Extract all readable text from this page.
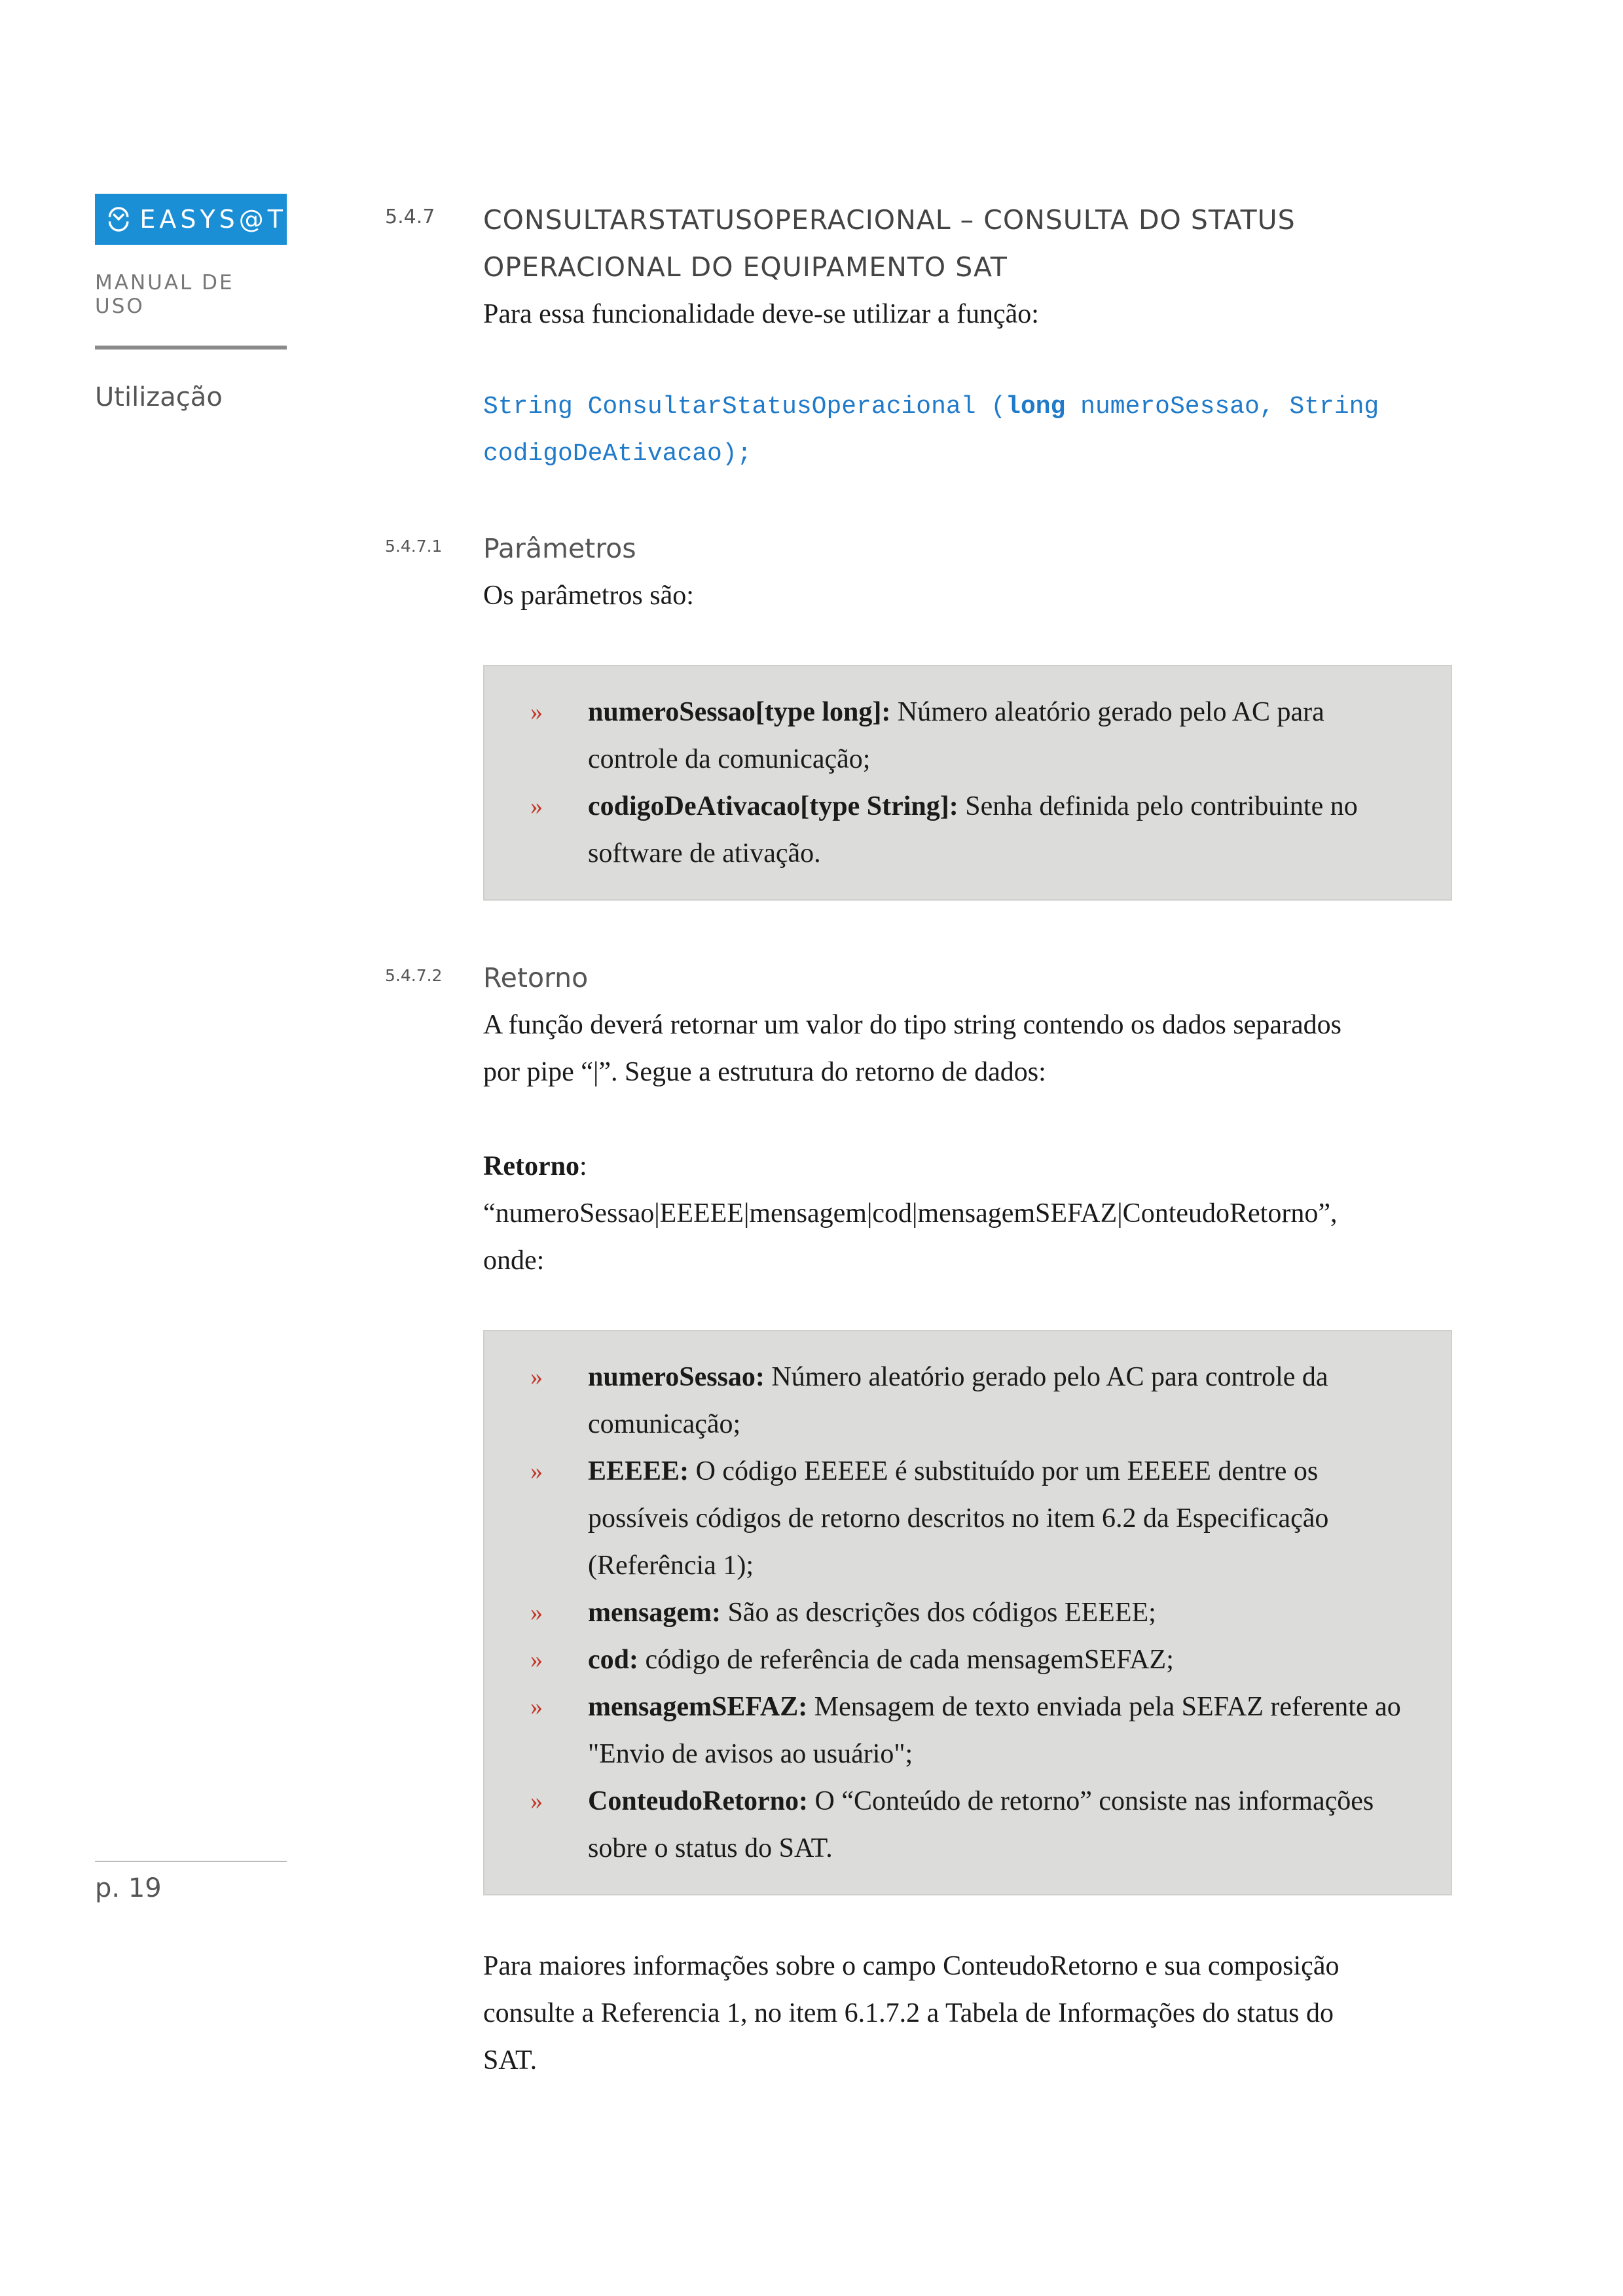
EASYS@T
MANUAL DE USO
Utilização
p. 19
5.4.7 CONSULTARSTATUSOPERACIONAL – CONSULTA DO STATUS

OPERACIONAL DO EQUIPAMENTO SAT

Para essa funcionalidade deve-se utilizar a função:

String ConsultarStatusOperacional (long numeroSessao, String

codigoDeAtivacao);

5.4.7.1 Parâmetros

Os parâmetros são:

» numeroSessao[type long]: Número aleatório gerado pelo AC para controle da comunicação;
» codigoDeAtivacao[type String]: Senha definida pelo contribuinte no software de ativação.
5.4.7.2 Retorno

A função deverá retornar um valor do tipo string contendo os dados separados

por pipe “|”. Segue a estrutura do retorno de dados:

Retorno:

“numeroSessao|EEEEE|mensagem|cod|mensagemSEFAZ|ConteudoRetorno”,

onde:

» numeroSessao: Número aleatório gerado pelo AC para controle da comunicação;
» EEEEE: O código EEEEE é substituído por um EEEEE dentre os possíveis códigos de retorno descritos no item 6.2 da Especificação (Referência 1);
» mensagem: São as descrições dos códigos EEEEE;
» cod: código de referência de cada mensagemSEFAZ;
» mensagemSEFAZ: Mensagem de texto enviada pela SEFAZ referente ao "Envio de avisos ao usuário";
» ConteudoRetorno: O “Conteúdo de retorno” consiste nas informações sobre o status do SAT.

Para maiores informações sobre o campo ConteudoRetorno e sua composição

consulte a Referencia 1, no item 6.1.7.2 a Tabela de Informações do status do

SAT.
